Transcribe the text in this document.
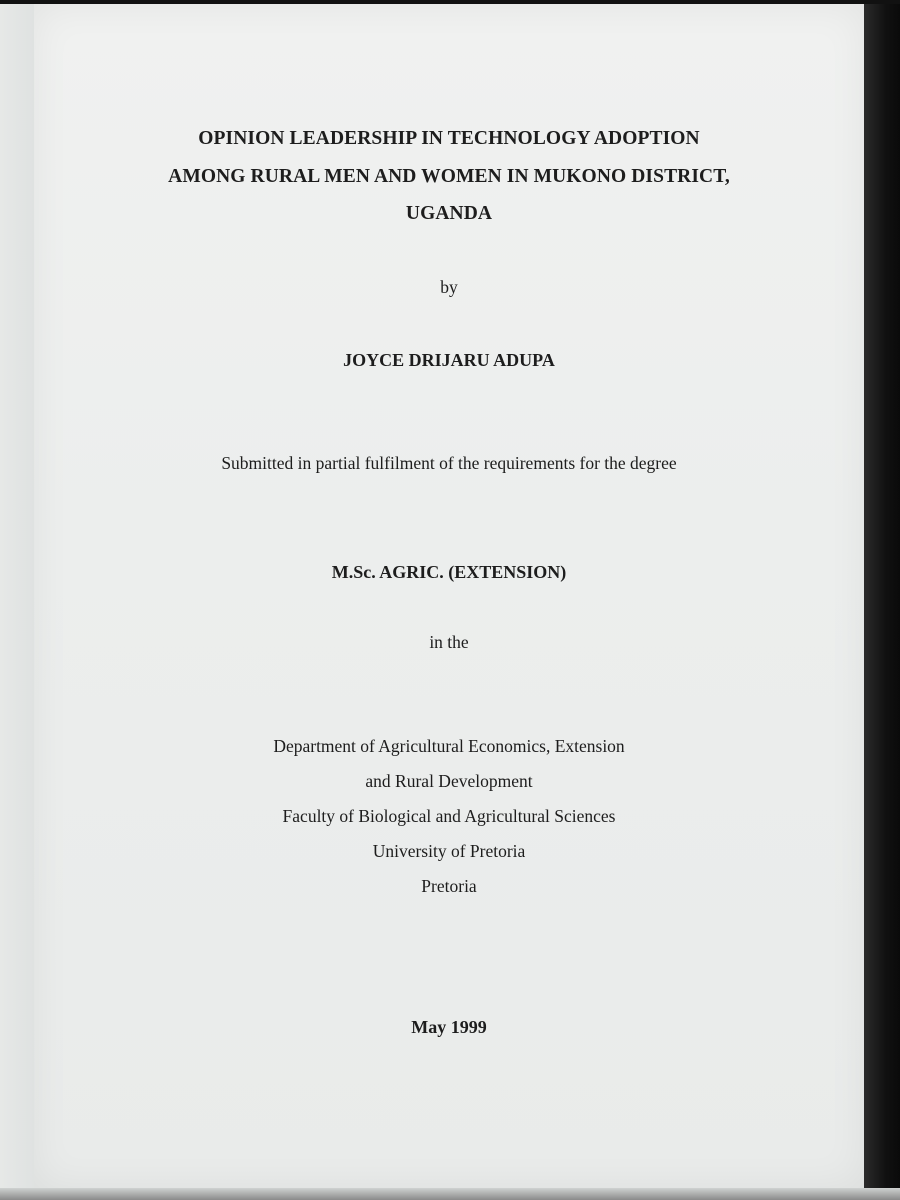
OPINION LEADERSHIP IN TECHNOLOGY ADOPTION
AMONG RURAL MEN AND WOMEN IN MUKONO DISTRICT,
UGANDA
by
JOYCE DRIJARU ADUPA
Submitted in partial fulfilment of the requirements for the degree
M.Sc. AGRIC. (EXTENSION)
in the
Department of Agricultural Economics, Extension
and Rural Development
Faculty of Biological and Agricultural Sciences
University of Pretoria
Pretoria
May 1999
